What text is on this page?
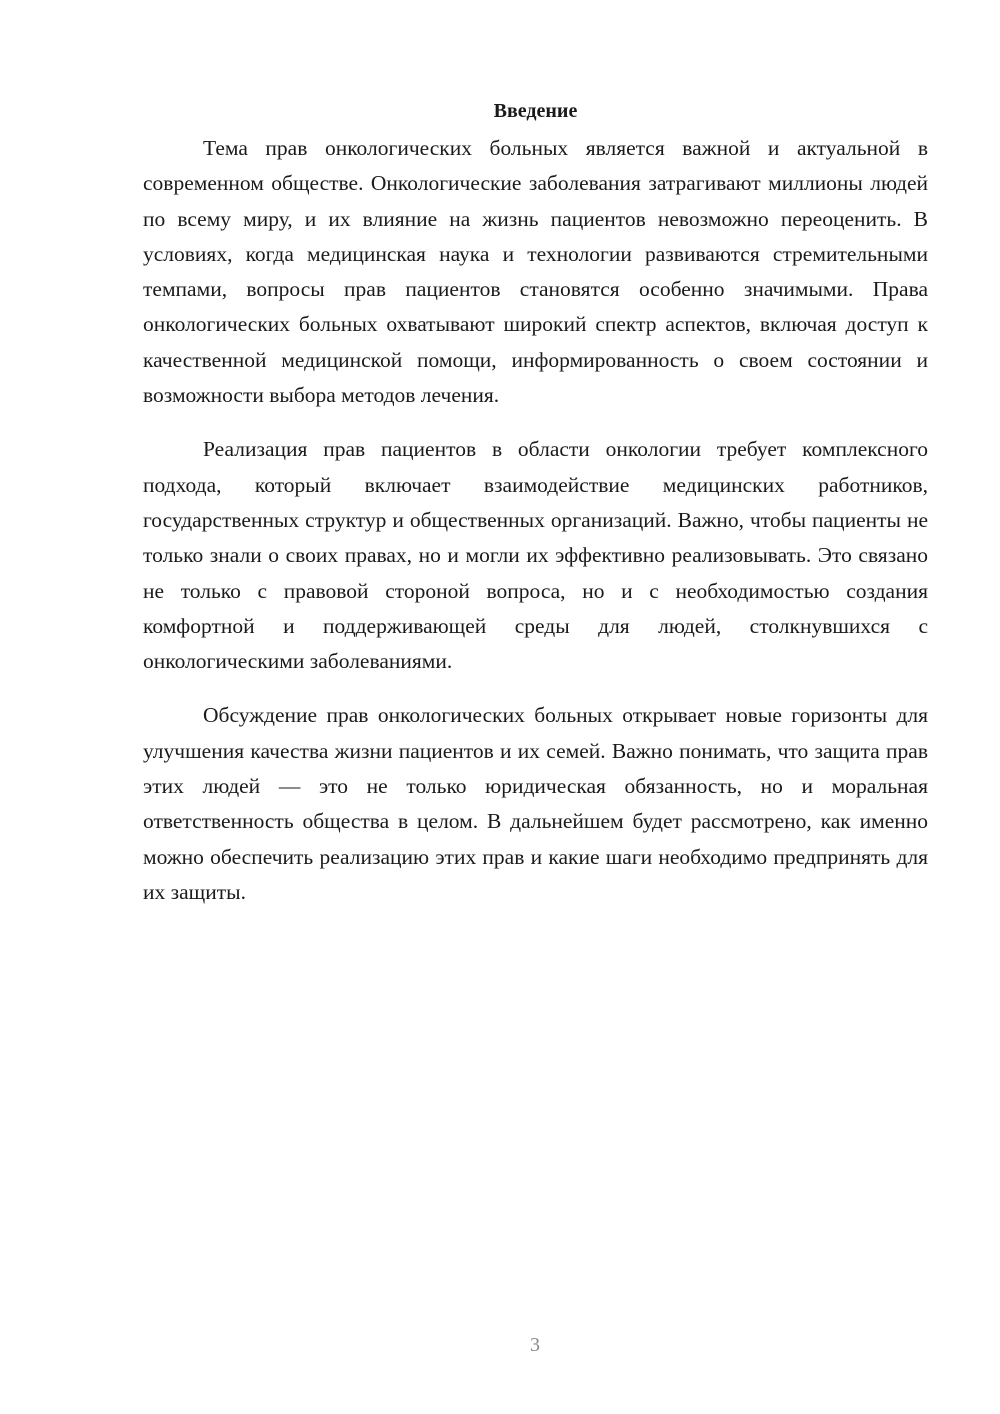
Введение

Тема прав онкологических больных является важной и актуальной в современном обществе. Онкологические заболевания затрагивают миллионы людей по всему миру, и их влияние на жизнь пациентов невозможно переоценить. В условиях, когда медицинская наука и технологии развиваются стремительными темпами, вопросы прав пациентов становятся особенно значимыми. Права онкологических больных охватывают широкий спектр аспектов, включая доступ к качественной медицинской помощи, информированность о своем состоянии и возможности выбора методов лечения.

Реализация прав пациентов в области онкологии требует комплексного подхода, который включает взаимодействие медицинских работников, государственных структур и общественных организаций. Важно, чтобы пациенты не только знали о своих правах, но и могли их эффективно реализовывать. Это связано не только с правовой стороной вопроса, но и с необходимостью создания комфортной и поддерживающей среды для людей, столкнувшихся с онкологическими заболеваниями.

Обсуждение прав онкологических больных открывает новые горизонты для улучшения качества жизни пациентов и их семей. Важно понимать, что защита прав этих людей — это не только юридическая обязанность, но и моральная ответственность общества в целом. В дальнейшем будет рассмотрено, как именно можно обеспечить реализацию этих прав и какие шаги необходимо предпринять для их защиты.

3
